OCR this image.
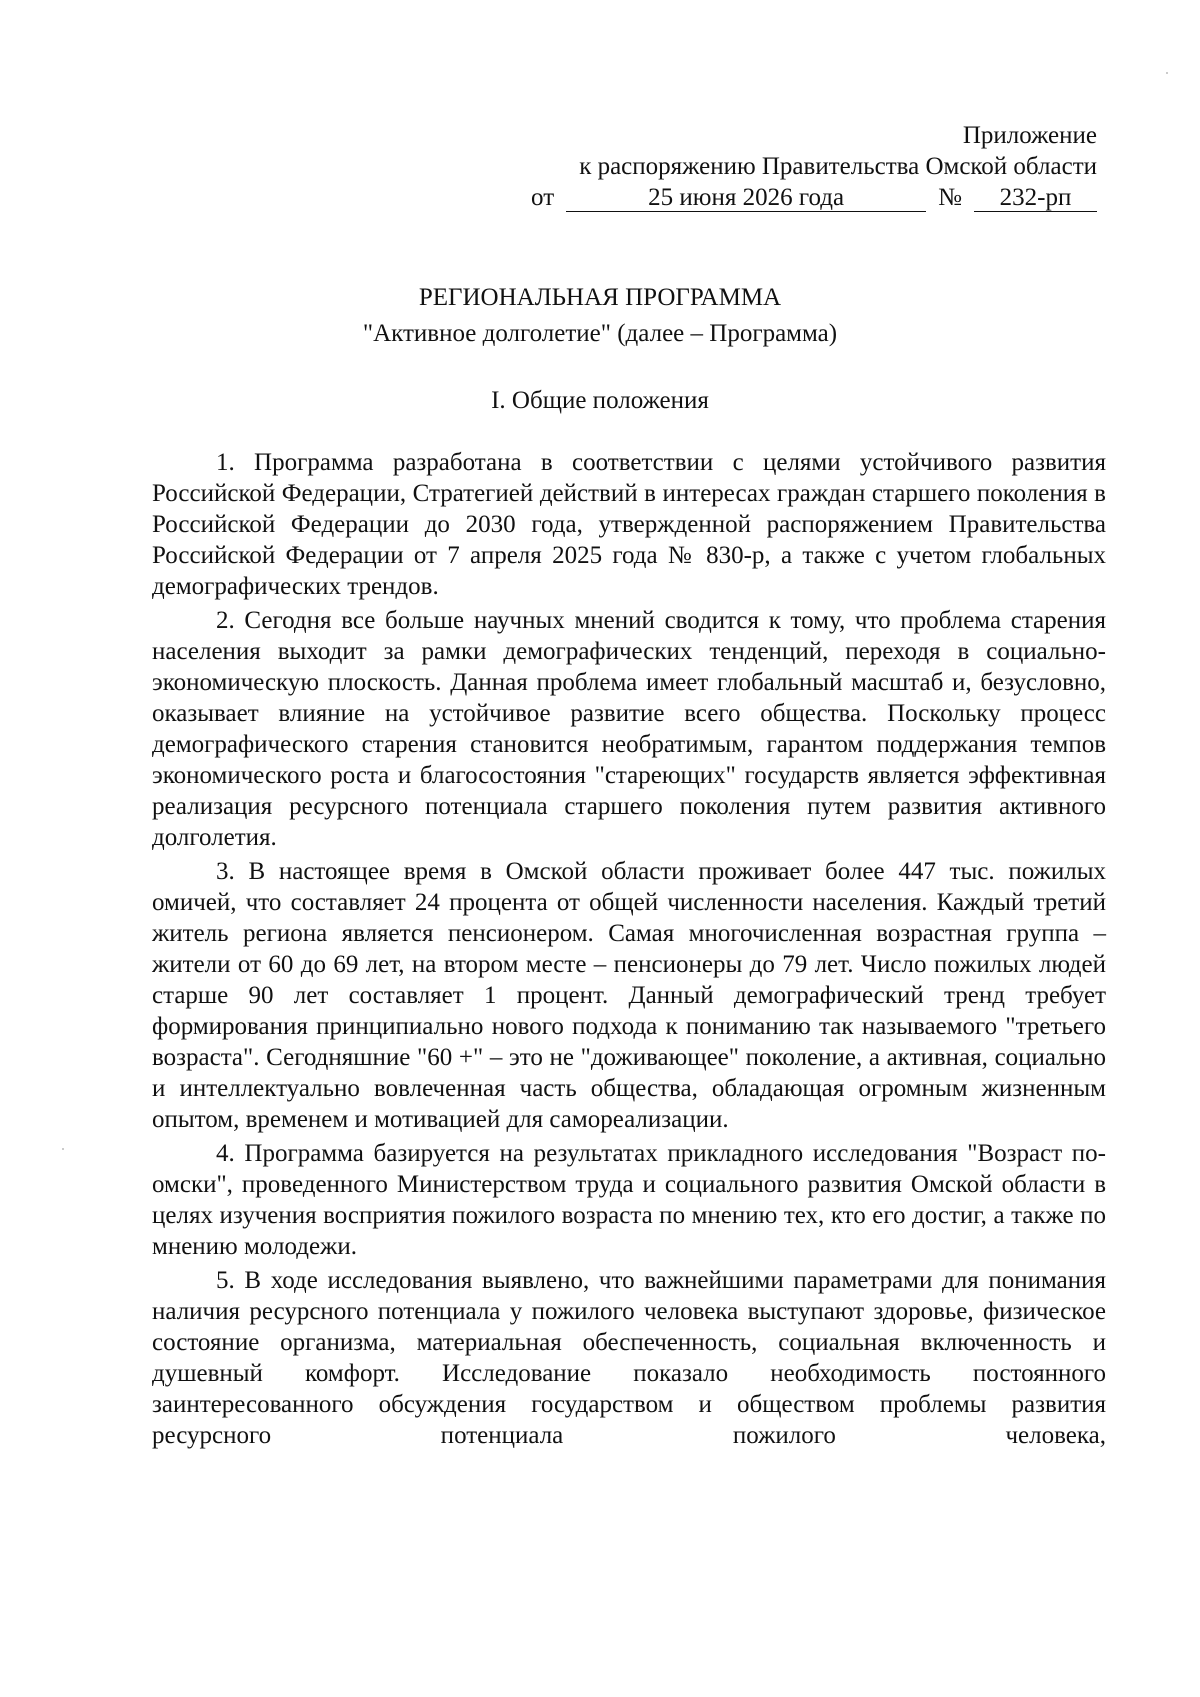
Приложение
к распоряжению Правительства Омской области
от	25 июня 2026 года	№ 232-рп
РЕГИОНАЛЬНАЯ ПРОГРАММА
"Активное долголетие" (далее – Программа)
I. Общие положения

1. Программа разработана в соответствии с целями устойчивого развития Российской Федерации, Стратегией действий в интересах граждан старшего поколения в Российской Федерации до 2030 года, утвержденной распоряжением Правительства Российской Федерации от 7 апреля 2025 года № 830-р, а также с учетом глобальных демографических трендов.

2. Сегодня все больше научных мнений сводится к тому, что проблема старения населения выходит за рамки демографических тенденций, переходя в социально-экономическую плоскость. Данная проблема имеет глобальный масштаб и, безусловно, оказывает влияние на устойчивое развитие всего общества. Поскольку процесс демографического старения становится необратимым, гарантом поддержания темпов экономического роста и благосостояния "стареющих" государств является эффективная реализация ресурсного потенциала старшего поколения путем развития активного долголетия.

3. В настоящее время в Омской области проживает более 447 тыс. пожилых омичей, что составляет 24 процента от общей численности населения. Каждый третий житель региона является пенсионером. Самая многочисленная возрастная группа – жители от 60 до 69 лет, на втором месте – пенсионеры до 79 лет. Число пожилых людей старше 90 лет составляет 1 процент. Данный демографический тренд требует формирования принципиально нового подхода к пониманию так называемого "третьего возраста". Сегодняшние "60 +" – это не "доживающее" поколение, а активная, социально и интеллектуально вовлеченная часть общества, обладающая огромным жизненным опытом, временем и мотивацией для самореализации.

4. Программа базируется на результатах прикладного исследования "Возраст по-омски", проведенного Министерством труда и социального развития Омской области в целях изучения восприятия пожилого возраста по мнению тех, кто его достиг, а также по мнению молодежи.

5. В ходе исследования выявлено, что важнейшими параметрами для понимания наличия ресурсного потенциала у пожилого человека выступают здоровье, физическое состояние организма, материальная обеспеченность, социальная включенность и душевный комфорт. Исследование показало необходимость постоянного заинтересованного обсуждения государством и обществом проблемы развития ресурсного потенциала пожилого человека,
